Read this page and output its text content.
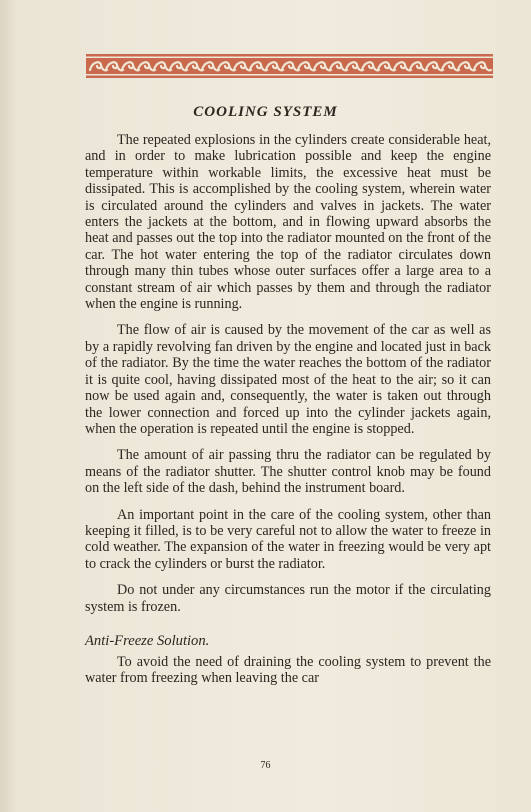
COOLING SYSTEM

The repeated explosions in the cylinders create considerable heat, and in order to make lubrication possible and keep the engine temperature within workable limits, the excessive heat must be dissipated. This is accomplished by the cooling system, wherein water is circulated around the cylinders and valves in jackets. The water enters the jackets at the bottom, and in flowing upward absorbs the heat and passes out the top into the radiator mounted on the front of the car. The hot water entering the top of the radiator circulates down through many thin tubes whose outer surfaces offer a large area to a constant stream of air which passes by them and through the radiator when the engine is running.

The flow of air is caused by the movement of the car as well as by a rapidly revolving fan driven by the engine and located just in back of the radiator. By the time the water reaches the bottom of the radiator it is quite cool, having dissipated most of the heat to the air; so it can now be used again and, consequently, the water is taken out through the lower connection and forced up into the cylinder jackets again, when the operation is repeated until the engine is stopped.

The amount of air passing thru the radiator can be regulated by means of the radiator shutter. The shutter control knob may be found on the left side of the dash, behind the instrument board.

An important point in the care of the cooling system, other than keeping it filled, is to be very careful not to allow the water to freeze in cold weather. The expansion of the water in freezing would be very apt to crack the cylinders or burst the radiator.

Do not under any circumstances run the motor if the circulating system is frozen.

Anti-Freeze Solution.

To avoid the need of draining the cooling system to prevent the water from freezing when leaving the car

76
